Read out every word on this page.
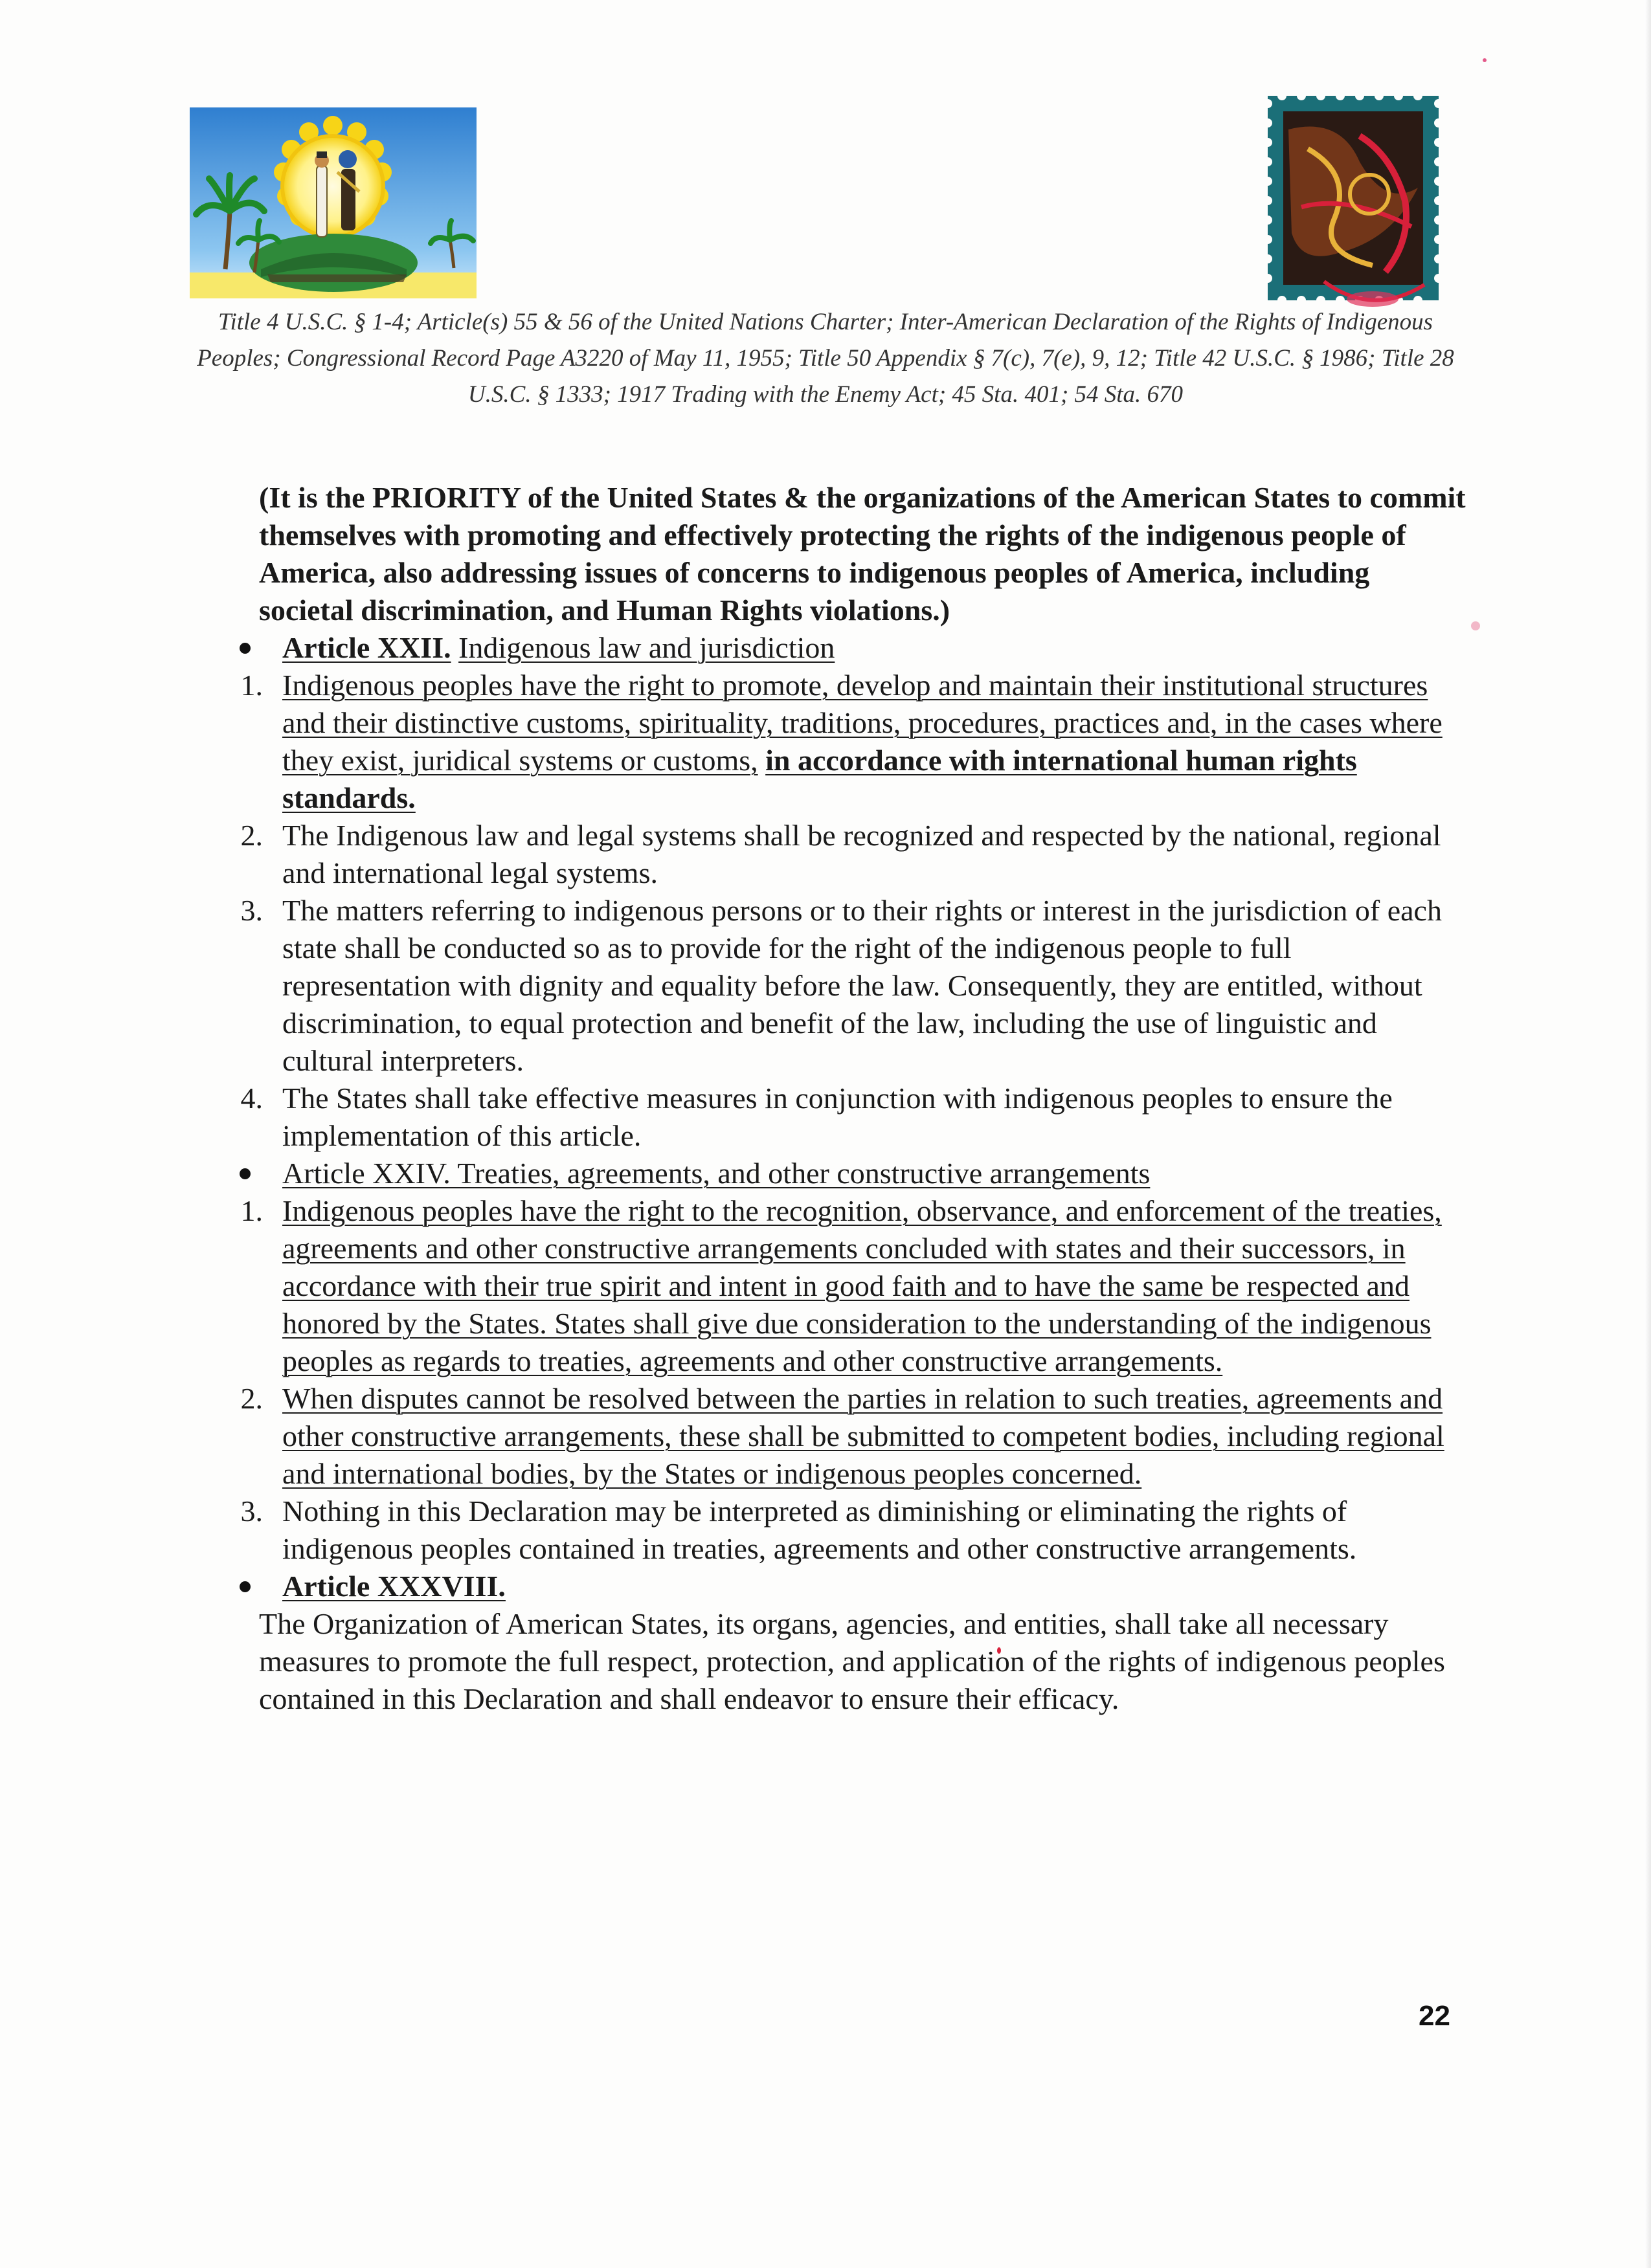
Title 4 U.S.C. § 1-4; Article(s) 55 & 56 of the United Nations Charter; Inter-American Declaration of the Rights of Indigenous Peoples; Congressional Record Page A3220 of May 11, 1955; Title 50 Appendix § 7(c), 7(e), 9, 12; Title 42 U.S.C. § 1986; Title 28 U.S.C. § 1333; 1917 Trading with the Enemy Act; 45 Sta. 401; 54 Sta. 670
(It is the PRIORITY of the United States & the organizations of the American States to commit themselves with promoting and effectively protecting the rights of the indigenous people of America, also addressing issues of concerns to indigenous peoples of America, including societal discrimination, and Human Rights violations.)
Article XXII. Indigenous law and jurisdiction
1. Indigenous peoples have the right to promote, develop and maintain their institutional structures and their distinctive customs, spirituality, traditions, procedures, practices and, in the cases where they exist, juridical systems or customs, in accordance with international human rights standards.
2. The Indigenous law and legal systems shall be recognized and respected by the national, regional and international legal systems.
3. The matters referring to indigenous persons or to their rights or interest in the jurisdiction of each state shall be conducted so as to provide for the right of the indigenous people to full representation with dignity and equality before the law. Consequently, they are entitled, without discrimination, to equal protection and benefit of the law, including the use of linguistic and cultural interpreters.
4. The States shall take effective measures in conjunction with indigenous peoples to ensure the implementation of this article.
Article XXIV. Treaties, agreements, and other constructive arrangements
1. Indigenous peoples have the right to the recognition, observance, and enforcement of the treaties, agreements and other constructive arrangements concluded with states and their successors, in accordance with their true spirit and intent in good faith and to have the same be respected and honored by the States. States shall give due consideration to the understanding of the indigenous peoples as regards to treaties, agreements and other constructive arrangements.
2. When disputes cannot be resolved between the parties in relation to such treaties, agreements and other constructive arrangements, these shall be submitted to competent bodies, including regional and international bodies, by the States or indigenous peoples concerned.
3. Nothing in this Declaration may be interpreted as diminishing or eliminating the rights of indigenous peoples contained in treaties, agreements and other constructive arrangements.
Article XXXVIII.
The Organization of American States, its organs, agencies, and entities, shall take all necessary measures to promote the full respect, protection, and application of the rights of indigenous peoples contained in this Declaration and shall endeavor to ensure their efficacy.
22
